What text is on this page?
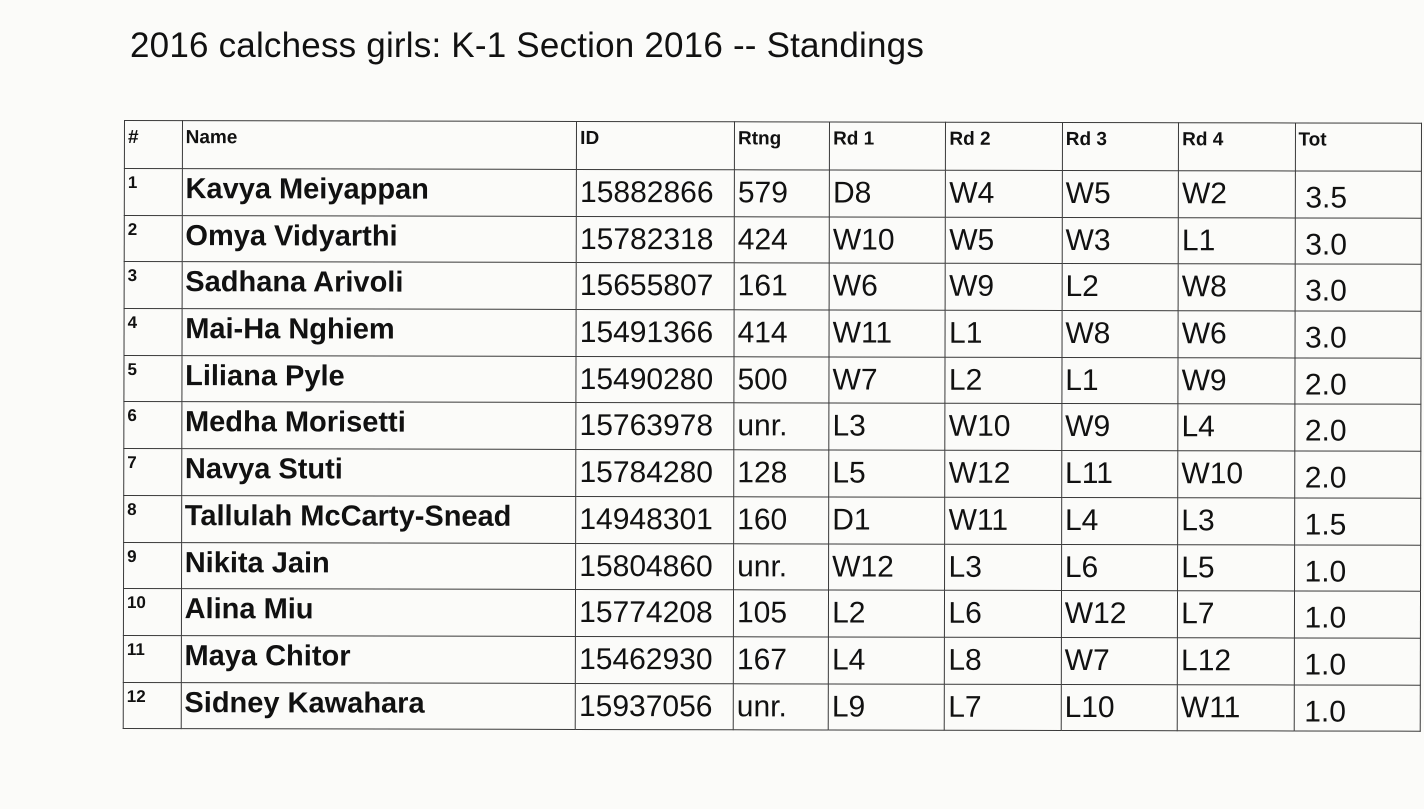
2016 calchess girls: K-1 Section 2016 -- Standings
#	Name	ID	Rtng	Rd 1	Rd 2	Rd 3	Rd 4	Tot
1	Kavya Meiyappan	15882866	579	D8	W4	W5	W2	3.5
2	Omya Vidyarthi	15782318	424	W10	W5	W3	L1	3.0
3	Sadhana Arivoli	15655807	161	W6	W9	L2	W8	3.0
4	Mai-Ha Nghiem	15491366	414	W11	L1	W8	W6	3.0
5	Liliana Pyle	15490280	500	W7	L2	L1	W9	2.0
6	Medha Morisetti	15763978	unr.	L3	W10	W9	L4	2.0
7	Navya Stuti	15784280	128	L5	W12	L11	W10	2.0
8	Tallulah McCarty-Snead	14948301	160	D1	W11	L4	L3	1.5
9	Nikita Jain	15804860	unr.	W12	L3	L6	L5	1.0
10	Alina Miu	15774208	105	L2	L6	W12	L7	1.0
11	Maya Chitor	15462930	167	L4	L8	W7	L12	1.0
12	Sidney Kawahara	15937056	unr.	L9	L7	L10	W11	1.0
